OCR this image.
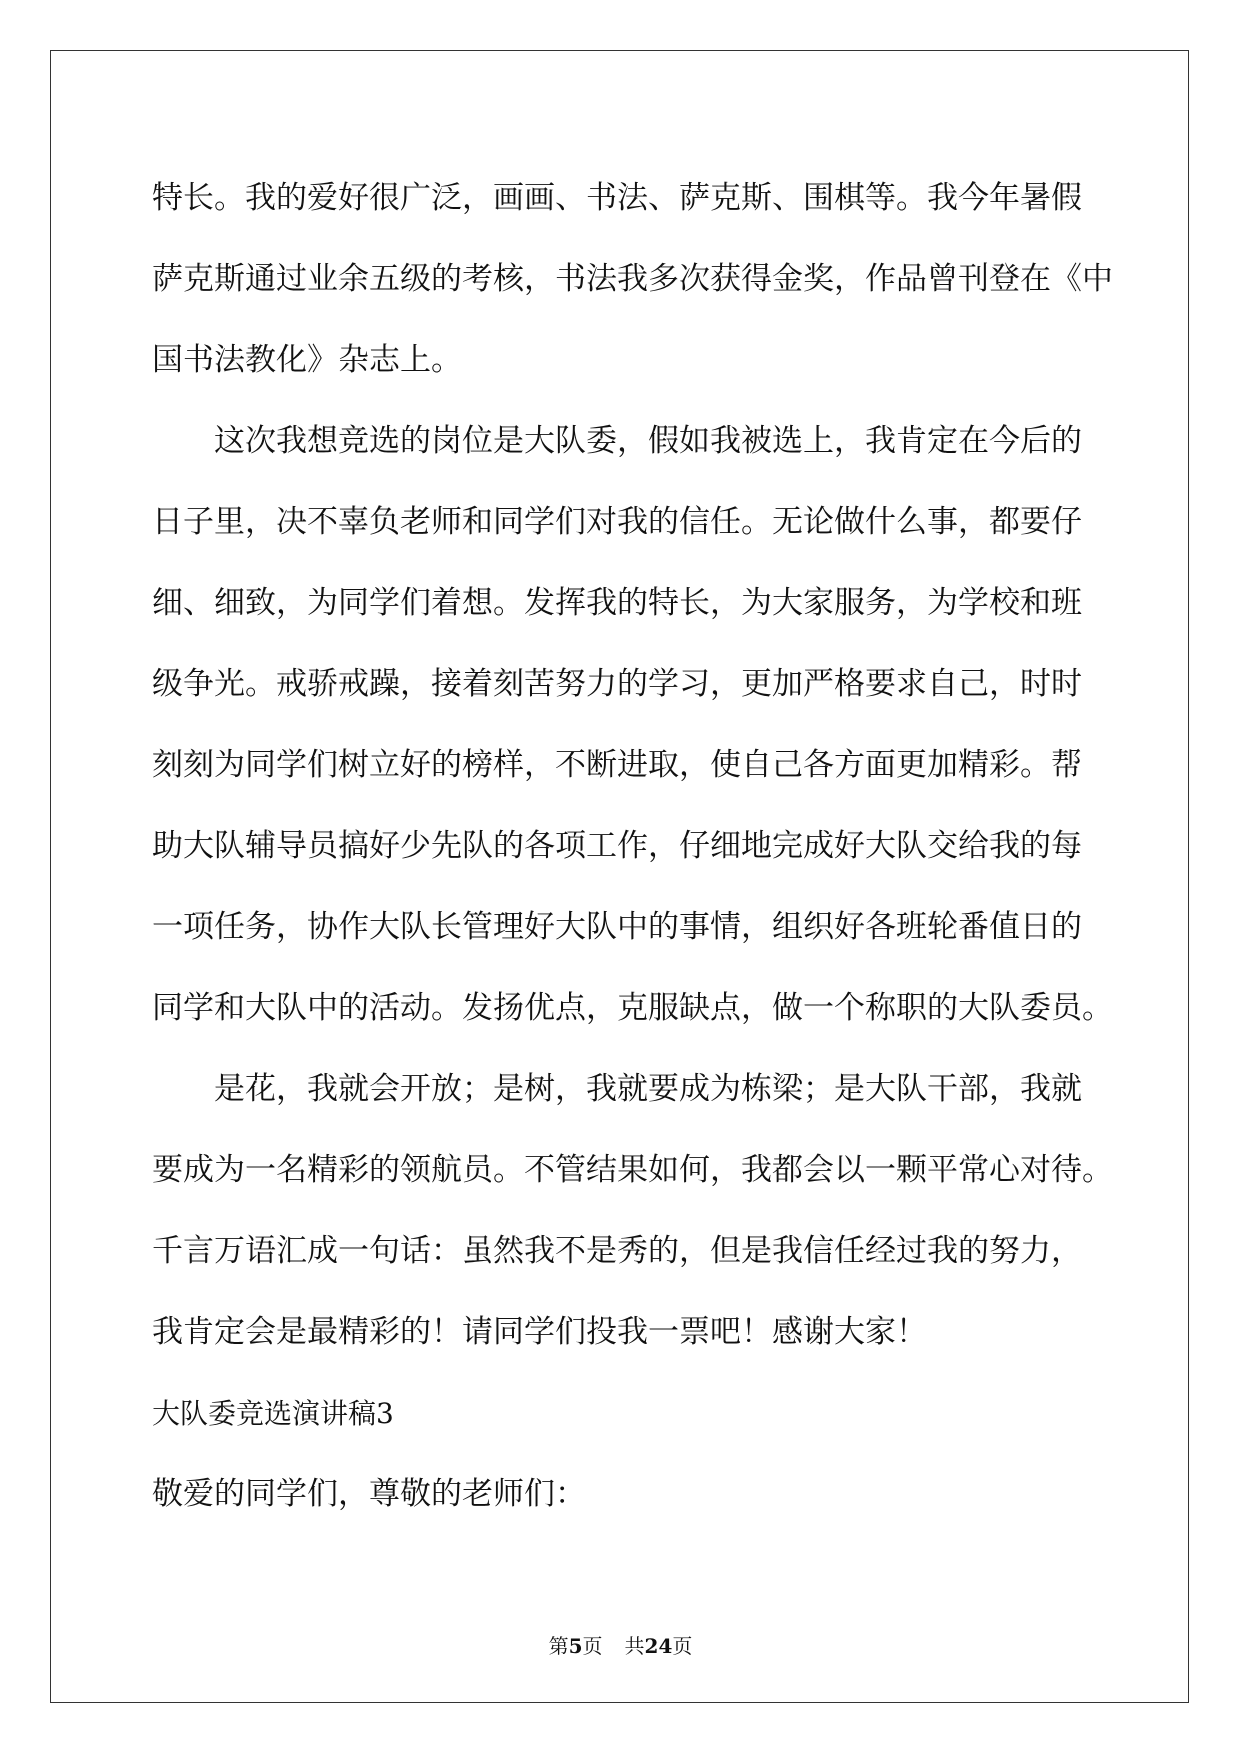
特长。我的爱好很广泛，画画、书法、萨克斯、围棋等。我今年暑假
萨克斯通过业余五级的考核，书法我多次获得金奖，作品曾刊登在《中
国书法教化》杂志上。
这次我想竞选的岗位是大队委，假如我被选上，我肯定在今后的
日子里，决不辜负老师和同学们对我的信任。无论做什么事，都要仔
细、细致，为同学们着想。发挥我的特长，为大家服务，为学校和班
级争光。戒骄戒躁，接着刻苦努力的学习，更加严格要求自己，时时
刻刻为同学们树立好的榜样，不断进取，使自己各方面更加精彩。帮
助大队辅导员搞好少先队的各项工作，仔细地完成好大队交给我的每
一项任务，协作大队长管理好大队中的事情，组织好各班轮番值日的
同学和大队中的活动。发扬优点，克服缺点，做一个称职的大队委员。
是花，我就会开放；是树，我就要成为栋梁；是大队干部，我就
要成为一名精彩的领航员。不管结果如何，我都会以一颗平常心对待。
千言万语汇成一句话：虽然我不是秀的，但是我信任经过我的努力，
我肯定会是最精彩的！请同学们投我一票吧！感谢大家！
大队委竞选演讲稿3
敬爱的同学们，尊敬的老师们：
第5页 共24页
